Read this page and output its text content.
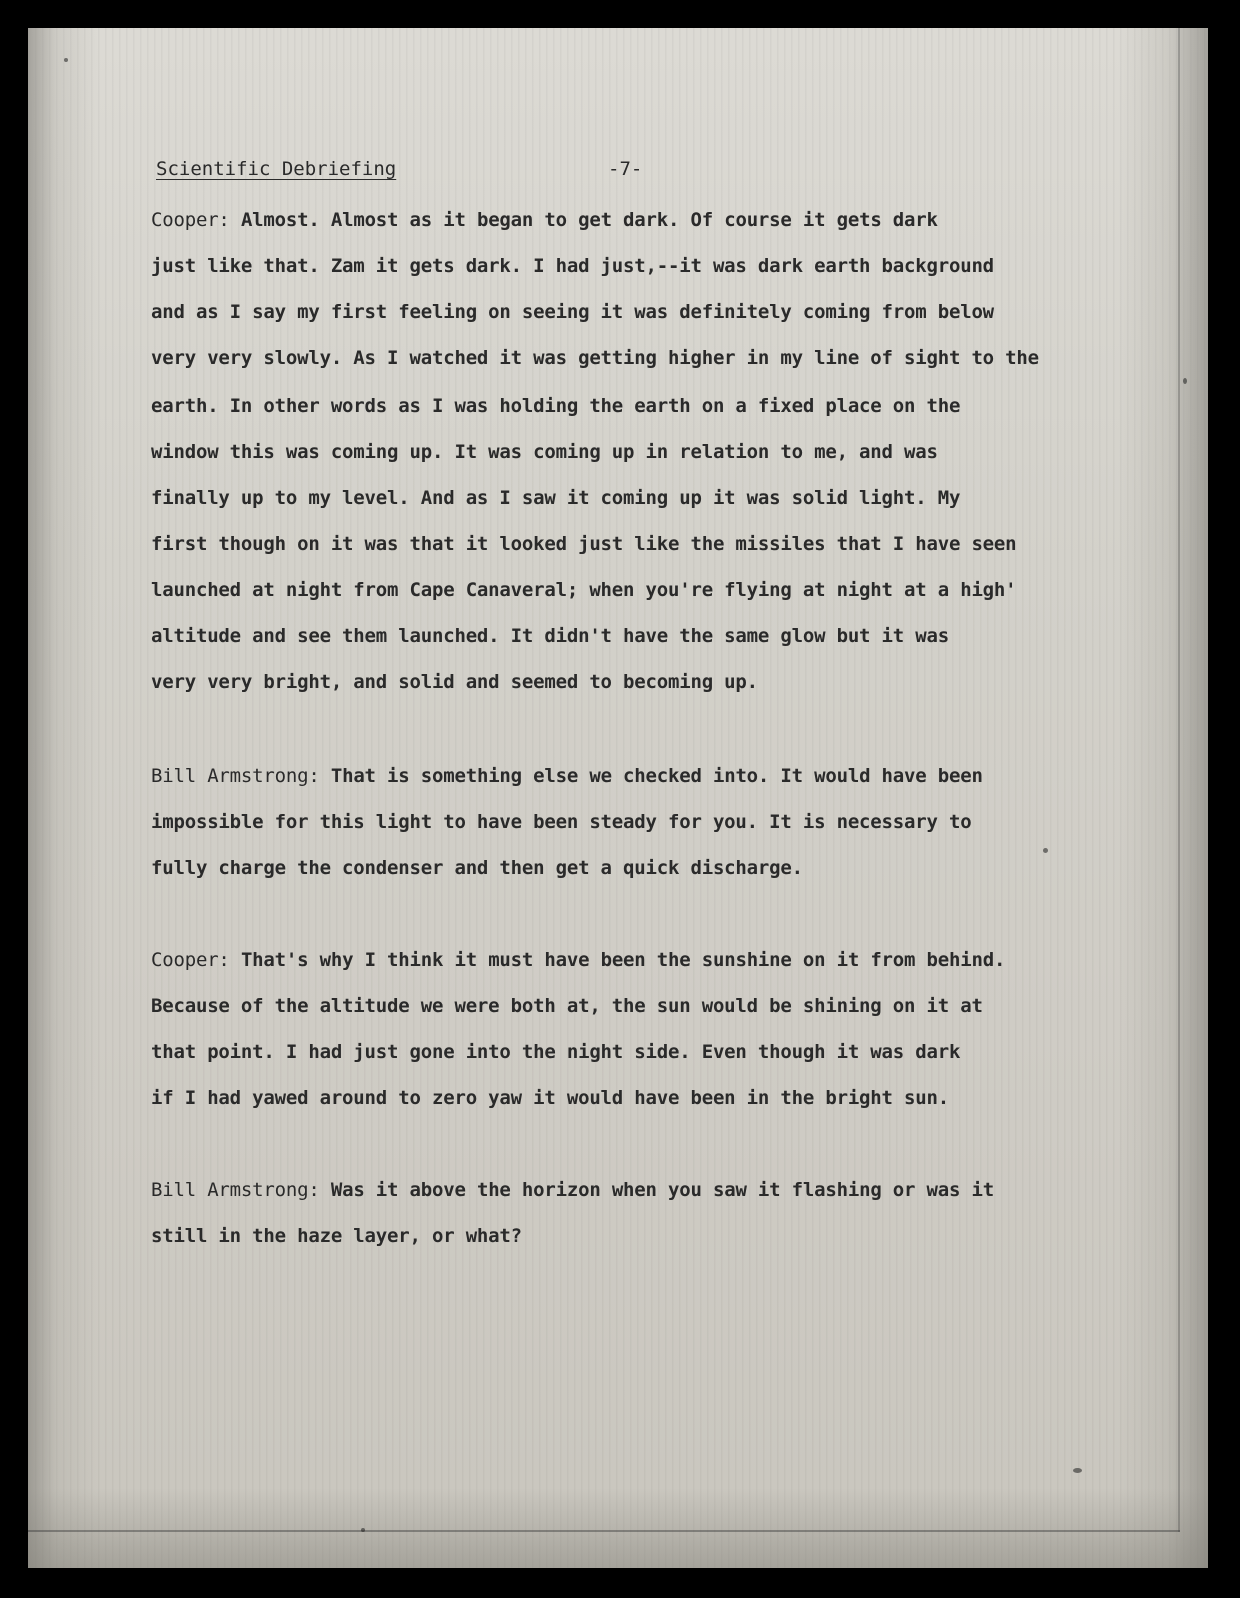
Scientific Debriefing	-7-
Cooper: Almost. Almost as it began to get dark. Of course it gets dark
just like that. Zam it gets dark. I had just,--it was dark earth background
and as I say my first feeling on seeing it was definitely coming from below
very very slowly. As I watched it was getting higher in my line of sight to the
earth. In other words as I was holding the earth on a fixed place on the
window this was coming up. It was coming up in relation to me, and was
finally up to my level. And as I saw it coming up it was solid light. My
first though on it was that it looked just like the missiles that I have seen
launched at night from Cape Canaveral; when you're flying at night at a high'
altitude and see them launched. It didn't have the same glow but it was
very very bright, and solid and seemed to becoming up.
Bill Armstrong: That is something else we checked into. It would have been
impossible for this light to have been steady for you. It is necessary to
fully charge the condenser and then get a quick discharge.
Cooper: That's why I think it must have been the sunshine on it from behind.
Because of the altitude we were both at, the sun would be shining on it at
that point. I had just gone into the night side. Even though it was dark
if I had yawed around to zero yaw it would have been in the bright sun.
Bill Armstrong: Was it above the horizon when you saw it flashing or was it
still in the haze layer, or what?
